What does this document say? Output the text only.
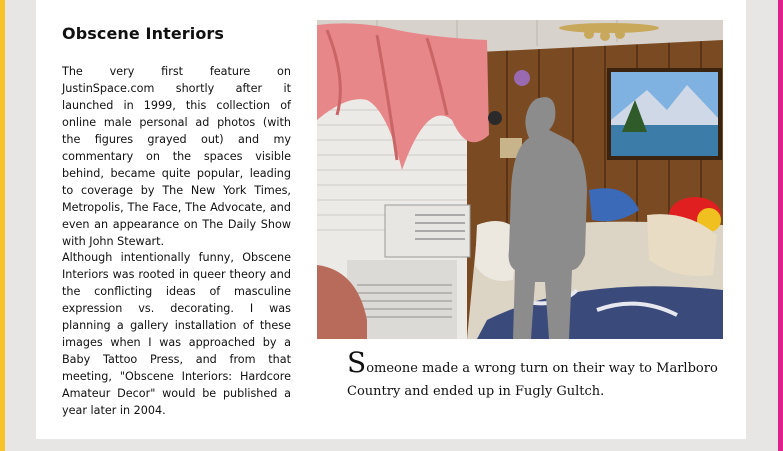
Obscene Interiors
The very first feature on JustinSpace.com shortly after it launched in 1999, this collection of online male personal ad photos (with the figures grayed out) and my commentary on the spaces visible behind, became quite popular, leading to coverage by The New York Times, Metropolis, The Face, The Advocate, and even an appearance on The Daily Show with John Stewart.
Although intentionally funny, Obscene Interiors was rooted in queer theory and the conflicting ideas of masculine expression vs. decorating. I was planning a gallery installation of these images when I was approached by a Baby Tattoo Press, and from that meeting, "Obscene Interiors: Hardcore Amateur Decor" would be published a year later in 2004.
Someone made a wrong turn on their way to Marlboro Country and ended up in Fugly Gultch.
